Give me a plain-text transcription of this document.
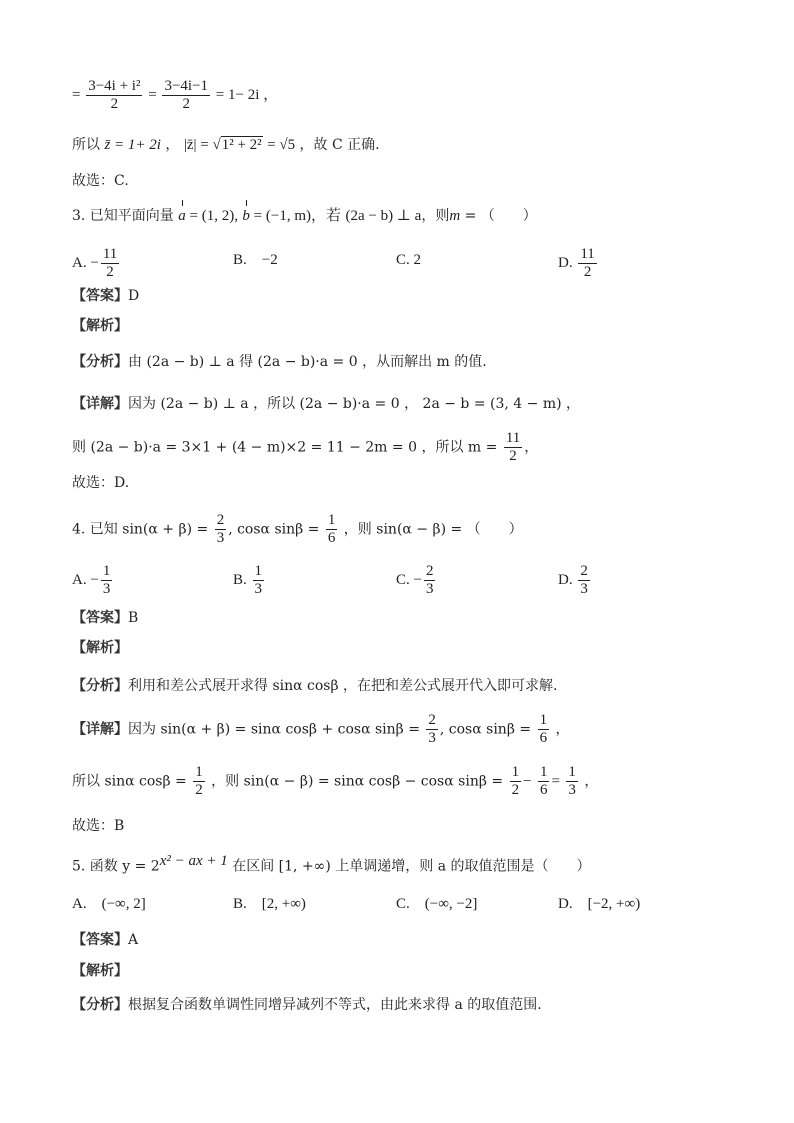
= $\frac{\text{3−4i + i²}}{2} = \frac{3-4i-1}{2} = 1- 2i$ ，
所以 z̄ = 1+ 2i ， |z̄| = √1² + 2² = √5 ，故 C 正确.
故选：C.
3. 已知平面向量 a = (1, 2), b = (−1, m)，若 (2a − b) ⊥ a，则m = （　　）
A. − $\frac{11}{2}$	B.　−2	C. 2	D. $\frac{11}{2}$
【答案】D
【解析】
【分析】由 (2a − b) ⊥ a 得 (2a − b)·a = 0 ，从而解出 m 的值.
【详解】因为 (2a − b) ⊥ a ，所以 (2a − b)·a = 0 ， 2a − b = (3, 4 − m) ，
则 (2a − b)·a = 3×1 + (4 − m)×2 = 11 − 2m = 0 ，所以 $m = \frac{11}{2}$ ，
故选：D.
4. 已知 $\sin(\alpha + \beta) = \frac{2}{3}$ , cosα $\sin\beta = \frac{1}{6}$ ，则 sin(α − β) = （　　）
A. − $\frac{1}{3}$	B. $\frac{1}{3}$	C. − $\frac{2}{3}$	D. $\frac{2}{3}$
【答案】B
【解析】
【分析】利用和差公式展开求得 sinα cosβ ，在把和差公式展开代入即可求解.
【详解】因为 sin(α + β) = sinα cosβ + cosα $\sin\beta = \frac{2}{3}$ , cosα $\sin\beta = \frac{1}{6}$ ，
所以 sinα $\cos\beta = \frac{1}{2}$ ，则 sin(α − β) = sinα cosβ − cosα $\sin\beta = \frac{1}{2} - \frac{1}{6} = \frac{1}{3}$ ，
故选：B
5. 函数 $y = 2^{x^2 - ax + 1}$ 在区间 [1, +∞) 上单调递增，则 a 的取值范围是（　　）
A.　(−∞, 2]	B.　[2, +∞)	C.　(−∞, −2]	D.　[−2, +∞)
【答案】A
【解析】
【分析】根据复合函数单调性同增异减列不等式，由此来求得 a 的取值范围.
